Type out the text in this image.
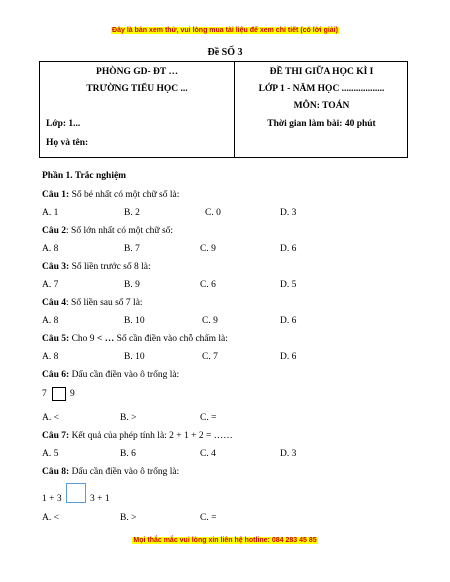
Đây là bản xem thử, vui lòng mua tài liệu để xem chi tiết (có lời giải)
Đề SỐ 3
PHÒNG GD- ĐT …
TRƯỜNG TIỂU HỌC ...
Lớp: 1...
Họ và tên:
ĐỀ THI GIỮA HỌC KÌ I
LỚP 1 - NĂM HỌC ..................
MÔN: TOÁN
Thời gian làm bài: 40 phút
Phần 1. Trắc nghiệm
Câu 1: Số bé nhất có một chữ số là:
A. 1	B. 2	C. 0	D. 3
Câu 2: Số lớn nhất có một chữ số:
A. 8	B. 7	C. 9	D. 6
Câu 3: Số liền trước số 8 là:
A. 7	B. 9	C. 6	D. 5
Câu 4: Số liền sau số 7 là:
A. 8	B. 10	C. 9	D. 6
Câu 5: Cho 9 < … Số cần điền vào chỗ chấm là:
A. 8	B. 10	C. 7	D. 6
Câu 6: Dấu cần điền vào ô trống là:
7 9
A. <	B. >	C. =
Câu 7: Kết quả của phép tính là: 2 + 1 + 2 = ……
A. 5	B. 6	C. 4	D. 3
Câu 8: Dấu cần điền vào ô trống là:
1 + 3	3 + 1
A. <	B. >	C. =
Mọi thắc mắc vui lòng xin liên hệ hotline: 084 283 45 85
